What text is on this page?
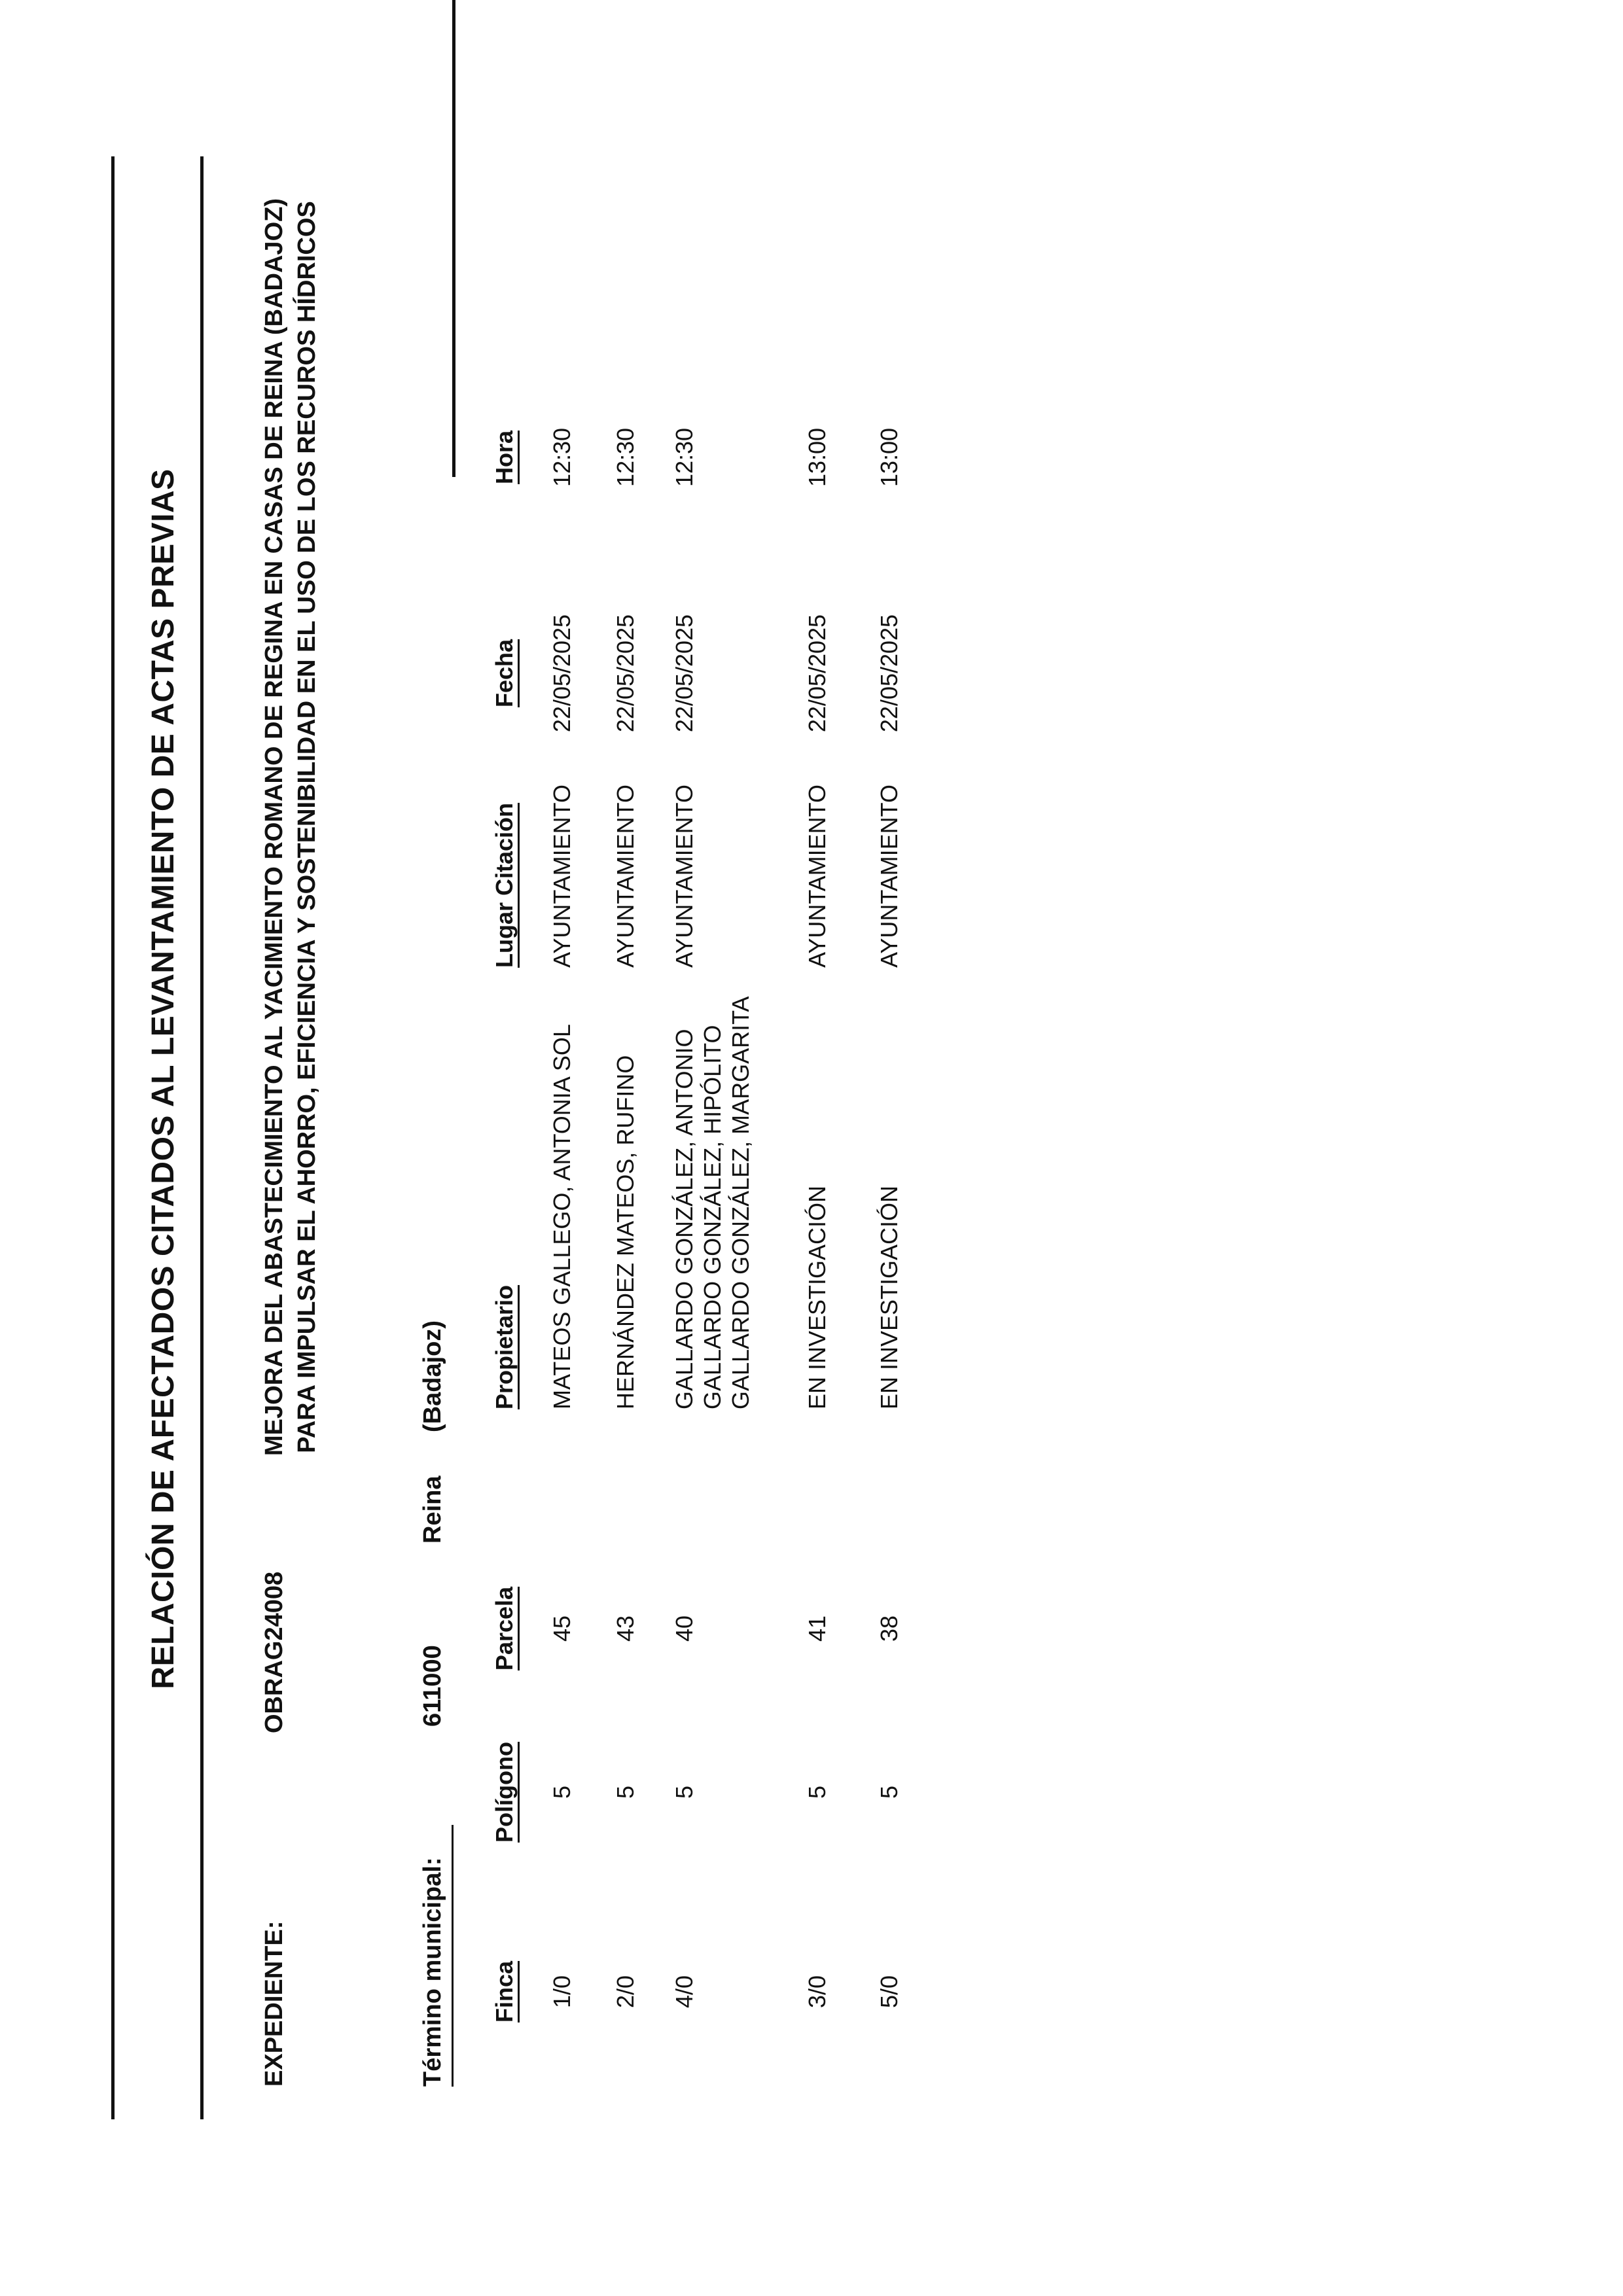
RELACIÓN DE AFECTADOS CITADOS AL LEVANTAMIENTO DE ACTAS PREVIAS
EXPEDIENTE:
OBRAG24008
MEJORA DEL ABASTECIMIENTO AL YACIMIENTO ROMANO DE REGINA EN CASAS DE REINA (BADAJOZ) PARA IMPULSAR EL AHORRO, EFICIENCIA Y SOSTENIBILIDAD EN EL USO DE LOS RECUROS HÍDRICOS
Término municipal:
611000
Reina
(Badajoz)
Finca
Polígono
Parcela
Propietario
Lugar Citación
Fecha
Hora
1/0
5
45
MATEOS GALLEGO, ANTONIA SOL
AYUNTAMIENTO
22/05/2025
12:30
2/0
5
43
HERNÁNDEZ MATEOS, RUFINO
AYUNTAMIENTO
22/05/2025
12:30
4/0
5
40
GALLARDO GONZÁLEZ, ANTONIO GALLARDO GONZÁLEZ, HIPÓLITO GALLARDO GONZÁLEZ, MARGARITA
AYUNTAMIENTO
22/05/2025
12:30
3/0
5
41
EN INVESTIGACIÓN
AYUNTAMIENTO
22/05/2025
13:00
5/0
5
38
EN INVESTIGACIÓN
AYUNTAMIENTO
22/05/2025
13:00
